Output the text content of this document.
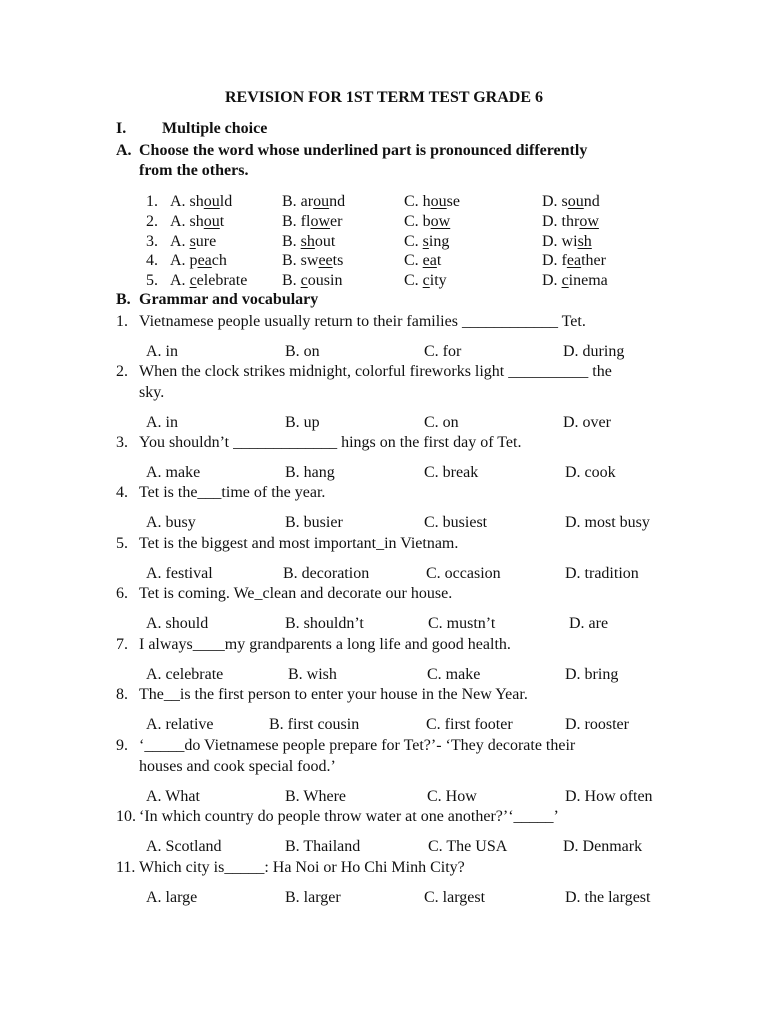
REVISION FOR 1ST TERM TEST GRADE 6
I. Multiple choice
A. Choose the word whose underlined part is pronounced differently
from the others.
1. A. should	B. around	C. house	D. sound
2. A. shout	B. flower	C. bow	D. throw
3. A. sure	B. shout	C. sing	D. wish
4. A. peach	B. sweets	C. eat	D. feather
5. A. celebrate B. cousin	C. city	D. cinema
B. Grammar and vocabulary
1. Vietnamese people usually return to their families ____________ Tet.
A. in	B. on	C. for	D. during
2. When the clock strikes midnight, colorful fireworks light __________ the
sky.
A. in	B. up	C. on	D. over
3. You shouldn’t _____________ hings on the first day of Tet.
A. make	B. hang	C. break	D. cook
4. Tet is the___time of the year.
A. busy	B. busier	C. busiest	D. most busy
5. Tet is the biggest and most important_in Vietnam.
A. festival	B. decoration	C. occasion	D. tradition
6. Tet is coming. We_clean and decorate our house.
A. should	B. shouldn’t	C. mustn’t	D. are
7. I always____my grandparents a long life and good health.
A. celebrate	B. wish	C. make	D. bring
8. The__is the first person to enter your house in the New Year.
A. relative	B. first cousin	C. first footer	D. rooster
9. ‘_____do Vietnamese people prepare for Tet?’- ‘They decorate their
houses and cook special food.’
A. What	B. Where	C. How	D. How often
10. ‘In which country do people throw water at one another?’‘_____’
A. Scotland	B. Thailand	C. The USA	D. Denmark
11. Which city is_____: Ha Noi or Ho Chi Minh City?
A. large	B. larger	C. largest	D. the largest
